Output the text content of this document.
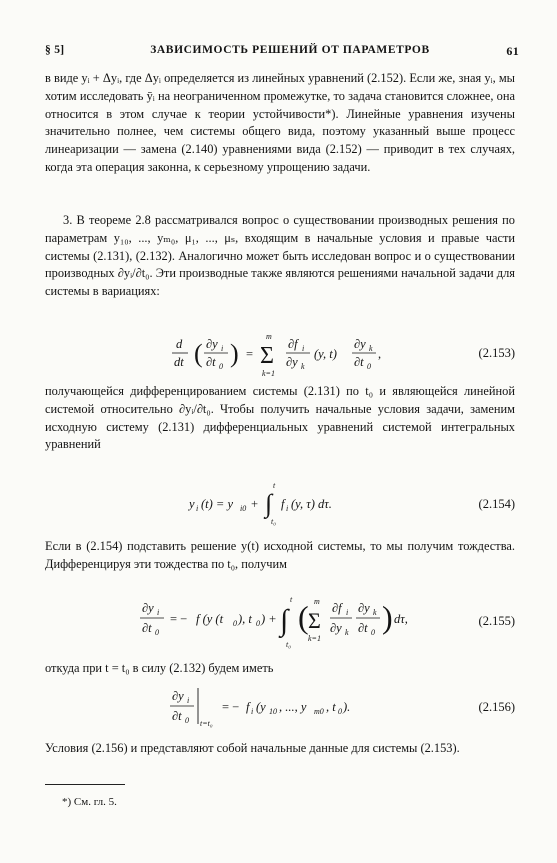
§ 5]	ЗАВИСИМОСТЬ РЕШЕНИЙ ОТ ПАРАМЕТРОВ	61
в виде yᵢ + Δyᵢ, где Δyᵢ определяется из линейных уравнений (2.152). Если же, зная yᵢ, мы хотим исследовать ȳᵢ на неограниченном промежутке, то задача становится сложнее, она относится в этом случае к теории устойчивости*). Линейные уравнения изучены значительно полнее, чем системы общего вида, поэтому указанный выше процесс линеаризации — замена (2.140) уравнениями вида (2.152) — приводит в тех случаях, когда эта операция законна, к серьезному упрощению задачи.
3. В теореме 2.8 рассматривался вопрос о существовании производных решения по параметрам y₁₀, ..., yₘ₀, μ₁, ..., μₛ, входящим в начальные условия и правые части системы (2.131), (2.132). Аналогично может быть исследован вопрос и о существовании производных ∂yᵢ/∂t₀. Эти производные также являются решениями начальной задачи для системы в вариациях:
d
dt ( ∂y i
∂t 0 ) =
m
Σ
k=1
∂f i
∂y k
(y, t)
∂y k
∂t 0
,	(2.153)
получающейся дифференцированием системы (2.131) по t₀ и являющейся линейной системой относительно ∂yᵢ/∂t₀. Чтобы получить начальные условия задачи, заменим исходную систему (2.131) дифференциальных уравнений системой интегральных уравнений
y i (t) = y i0 + ∫
t
t₀
f i (y, τ) dτ.	(2.154)
Если в (2.154) подставить решение y(t) исходной системы, то мы получим тождества. Дифференцируя эти тождества по t₀, получим
∂y i
∂t 0
= − f (y (t 0 ), t 0 ) + ∫
t
t₀
( m
Σ
k=1
∂f i
∂y k
∂y k
∂t 0 ) dτ,	(2.155)
откуда при t = t₀ в силу (2.132) будем иметь
∂y i
∂t 0 t=t₀
= − f i (y 10 , ..., y m0 , t 0 ).	(2.156)
Условия (2.156) и представляют собой начальные данные для системы (2.153).
*) См. гл. 5.
